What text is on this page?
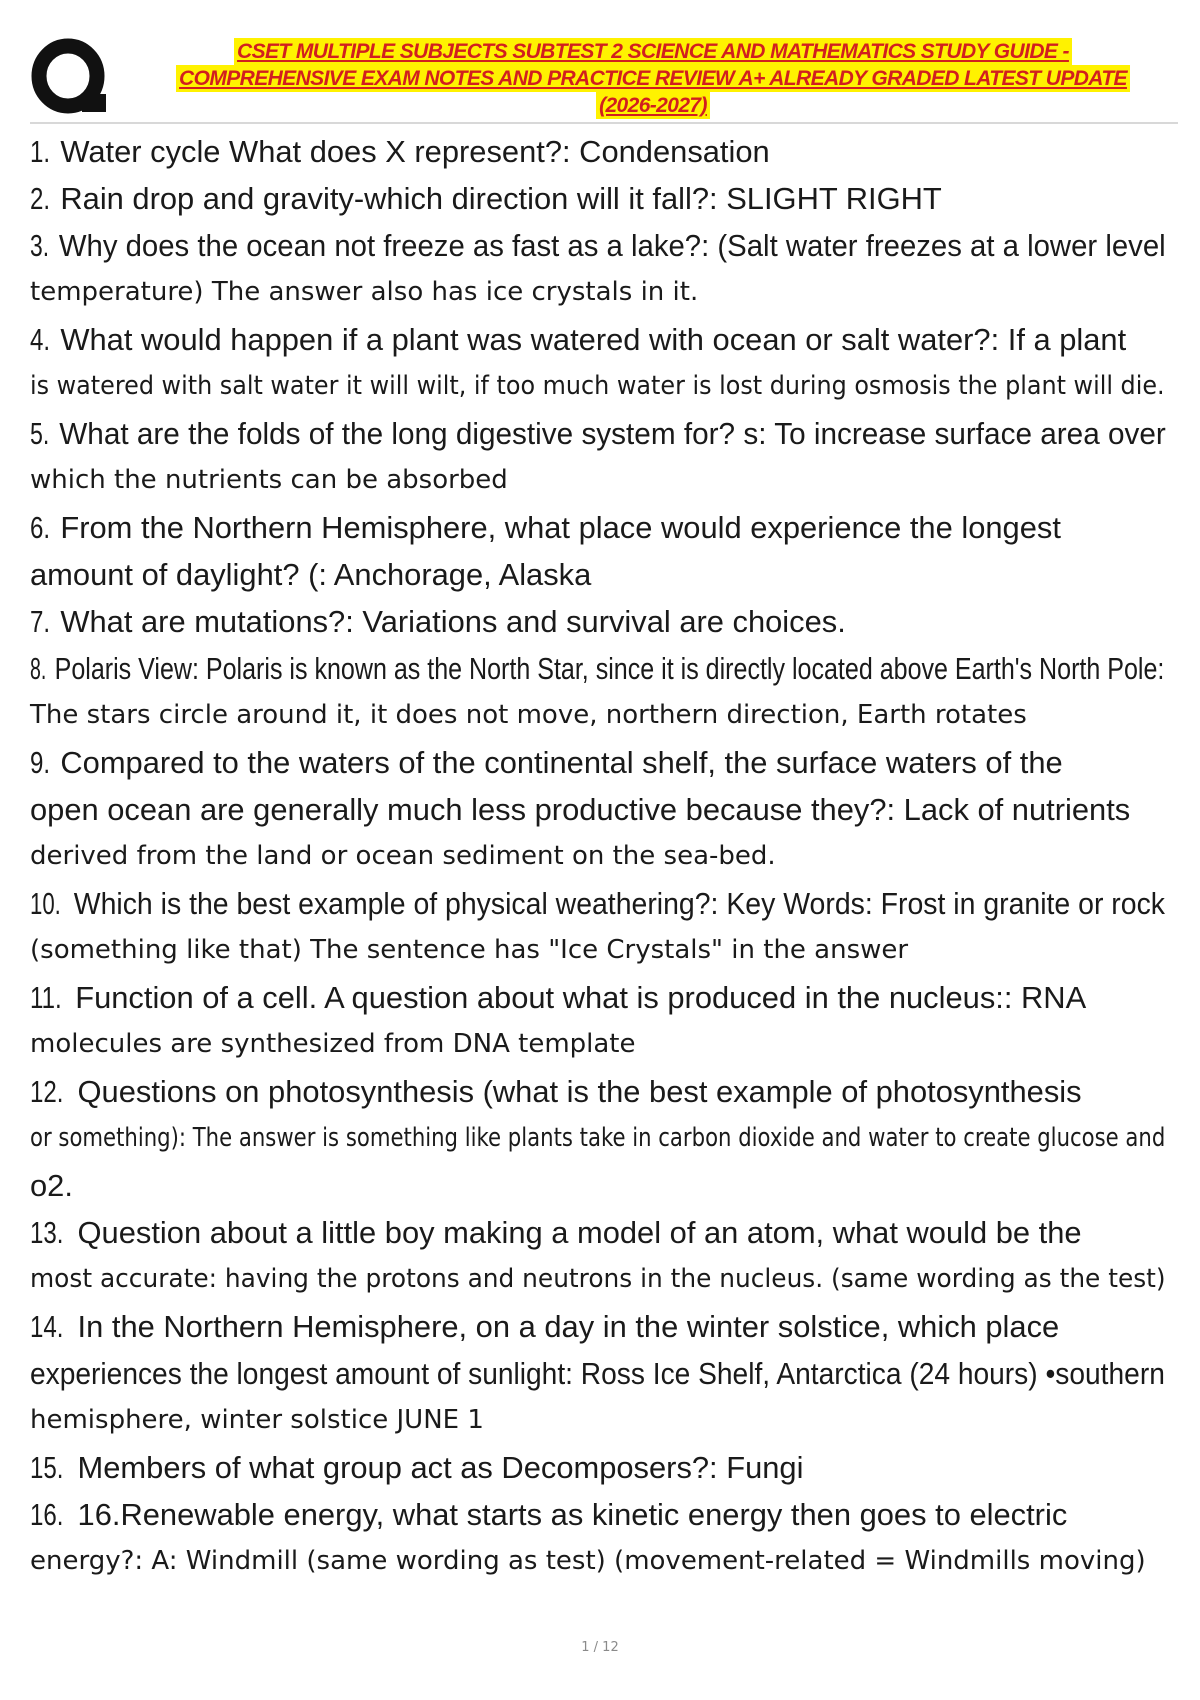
CSET MULTIPLE SUBJECTS SUBTEST 2 SCIENCE AND MATHEMATICS STUDY GUIDE -
COMPREHENSIVE EXAM NOTES AND PRACTICE REVIEW A+ ALREADY GRADED LATEST UPDATE
(2026-2027)
1. Water cycle What does X represent?: Condensation
2. Rain drop and gravity-which direction will it fall?: SLIGHT RIGHT
3. Why does the ocean not freeze as fast as a lake?: (Salt water freezes at a lower level
temperature) The answer also has ice crystals in it.
4. What would happen if a plant was watered with ocean or salt water?: If a plant
is watered with salt water it will wilt, if too much water is lost during osmosis the plant will die.
5. What are the folds of the long digestive system for? s: To increase surface area over
which the nutrients can be absorbed
6. From the Northern Hemisphere, what place would experience the longest
amount of daylight? (: Anchorage, Alaska
7. What are mutations?: Variations and survival are choices.
8. Polaris View: Polaris is known as the North Star, since it is directly located above Earth's North Pole:
The stars circle around it, it does not move, northern direction, Earth rotates
9. Compared to the waters of the continental shelf, the surface waters of the
open ocean are generally much less productive because they?: Lack of nutrients
derived from the land or ocean sediment on the sea-bed.
10. Which is the best example of physical weathering?: Key Words: Frost in granite or rock
(something like that) The sentence has "Ice Crystals" in the answer
11. Function of a cell. A question about what is produced in the nucleus:: RNA
molecules are synthesized from DNA template
12. Questions on photosynthesis (what is the best example of photosynthesis
or something): The answer is something like plants take in carbon dioxide and water to create glucose and
o2.
13. Question about a little boy making a model of an atom, what would be the
most accurate: having the protons and neutrons in the nucleus. (same wording as the test)
14. In the Northern Hemisphere, on a day in the winter solstice, which place
experiences the longest amount of sunlight: Ross Ice Shelf, Antarctica (24 hours) •southern
hemisphere, winter solstice JUNE 1
15. Members of what group act as Decomposers?: Fungi
16. 16.Renewable energy, what starts as kinetic energy then goes to electric
energy?: A: Windmill (same wording as test) (movement-related = Windmills moving)
1 / 12
